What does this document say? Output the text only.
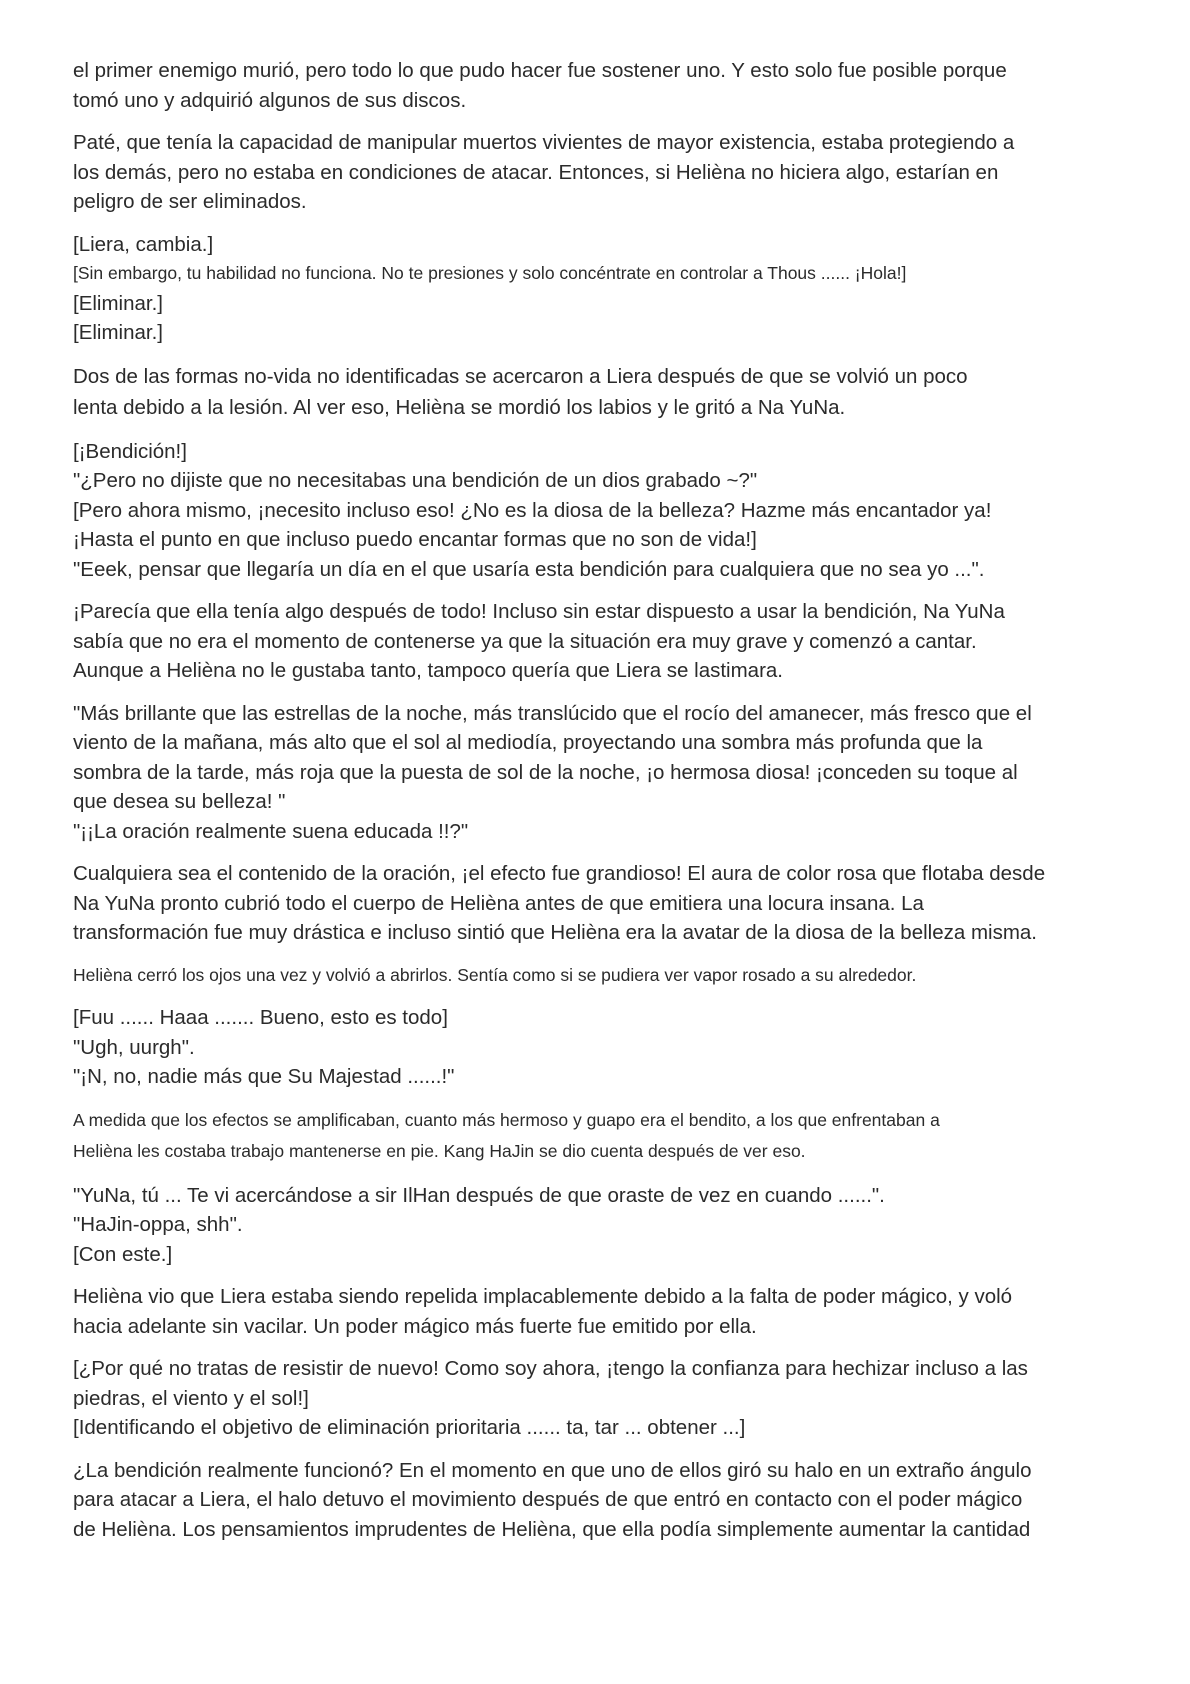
el primer enemigo murió, pero todo lo que pudo hacer fue sostener uno. Y esto solo fue posible porque
tomó uno y adquirió algunos de sus discos.

Paté, que tenía la capacidad de manipular muertos vivientes de mayor existencia, estaba protegiendo a
los demás, pero no estaba en condiciones de atacar. Entonces, si Helièna no hiciera algo, estarían en
peligro de ser eliminados.

[Liera, cambia.]
[Sin embargo, tu habilidad no funciona. No te presiones y solo concéntrate en controlar a Thous ...... ¡Hola!]
[Eliminar.]
[Eliminar.]

Dos de las formas no-vida no identificadas se acercaron a Liera después de que se volvió un poco
lenta debido a la lesión. Al ver eso, Helièna se mordió los labios y le gritó a Na YuNa.

[¡Bendición!]
"¿Pero no dijiste que no necesitabas una bendición de un dios grabado ~?"
[Pero ahora mismo, ¡necesito incluso eso! ¿No es la diosa de la belleza? Hazme más encantador ya!
¡Hasta el punto en que incluso puedo encantar formas que no son de vida!]
"Eeek, pensar que llegaría un día en el que usaría esta bendición para cualquiera que no sea yo ...".

¡Parecía que ella tenía algo después de todo! Incluso sin estar dispuesto a usar la bendición, Na YuNa
sabía que no era el momento de contenerse ya que la situación era muy grave y comenzó a cantar.
Aunque a Helièna no le gustaba tanto, tampoco quería que Liera se lastimara.

"Más brillante que las estrellas de la noche, más translúcido que el rocío del amanecer, más fresco que el
viento de la mañana, más alto que el sol al mediodía, proyectando una sombra más profunda que la
sombra de la tarde, más roja que la puesta de sol de la noche, ¡o hermosa diosa! ¡conceden su toque al
que desea su belleza! "
"¡¡La oración realmente suena educada !!?"

Cualquiera sea el contenido de la oración, ¡el efecto fue grandioso! El aura de color rosa que flotaba desde
Na YuNa pronto cubrió todo el cuerpo de Helièna antes de que emitiera una locura insana. La
transformación fue muy drástica e incluso sintió que Helièna era la avatar de la diosa de la belleza misma.

Helièna cerró los ojos una vez y volvió a abrirlos. Sentía como si se pudiera ver vapor rosado a su alrededor.

[Fuu ...... Haaa ....... Bueno, esto es todo]
"Ugh, uurgh".
"¡N, no, nadie más que Su Majestad ......!"

A medida que los efectos se amplificaban, cuanto más hermoso y guapo era el bendito, a los que enfrentaban a
Helièna les costaba trabajo mantenerse en pie. Kang HaJin se dio cuenta después de ver eso.

"YuNa, tú ... Te vi acercándose a sir IlHan después de que oraste de vez en cuando ......".
"HaJin-oppa, shh".
[Con este.]

Helièna vio que Liera estaba siendo repelida implacablemente debido a la falta de poder mágico, y voló
hacia adelante sin vacilar. Un poder mágico más fuerte fue emitido por ella.

[¿Por qué no tratas de resistir de nuevo! Como soy ahora, ¡tengo la confianza para hechizar incluso a las
piedras, el viento y el sol!]
[Identificando el objetivo de eliminación prioritaria ...... ta, tar ... obtener ...]

¿La bendición realmente funcionó? En el momento en que uno de ellos giró su halo en un extraño ángulo
para atacar a Liera, el halo detuvo el movimiento después de que entró en contacto con el poder mágico
de Helièna. Los pensamientos imprudentes de Helièna, que ella podía simplemente aumentar la cantidad
